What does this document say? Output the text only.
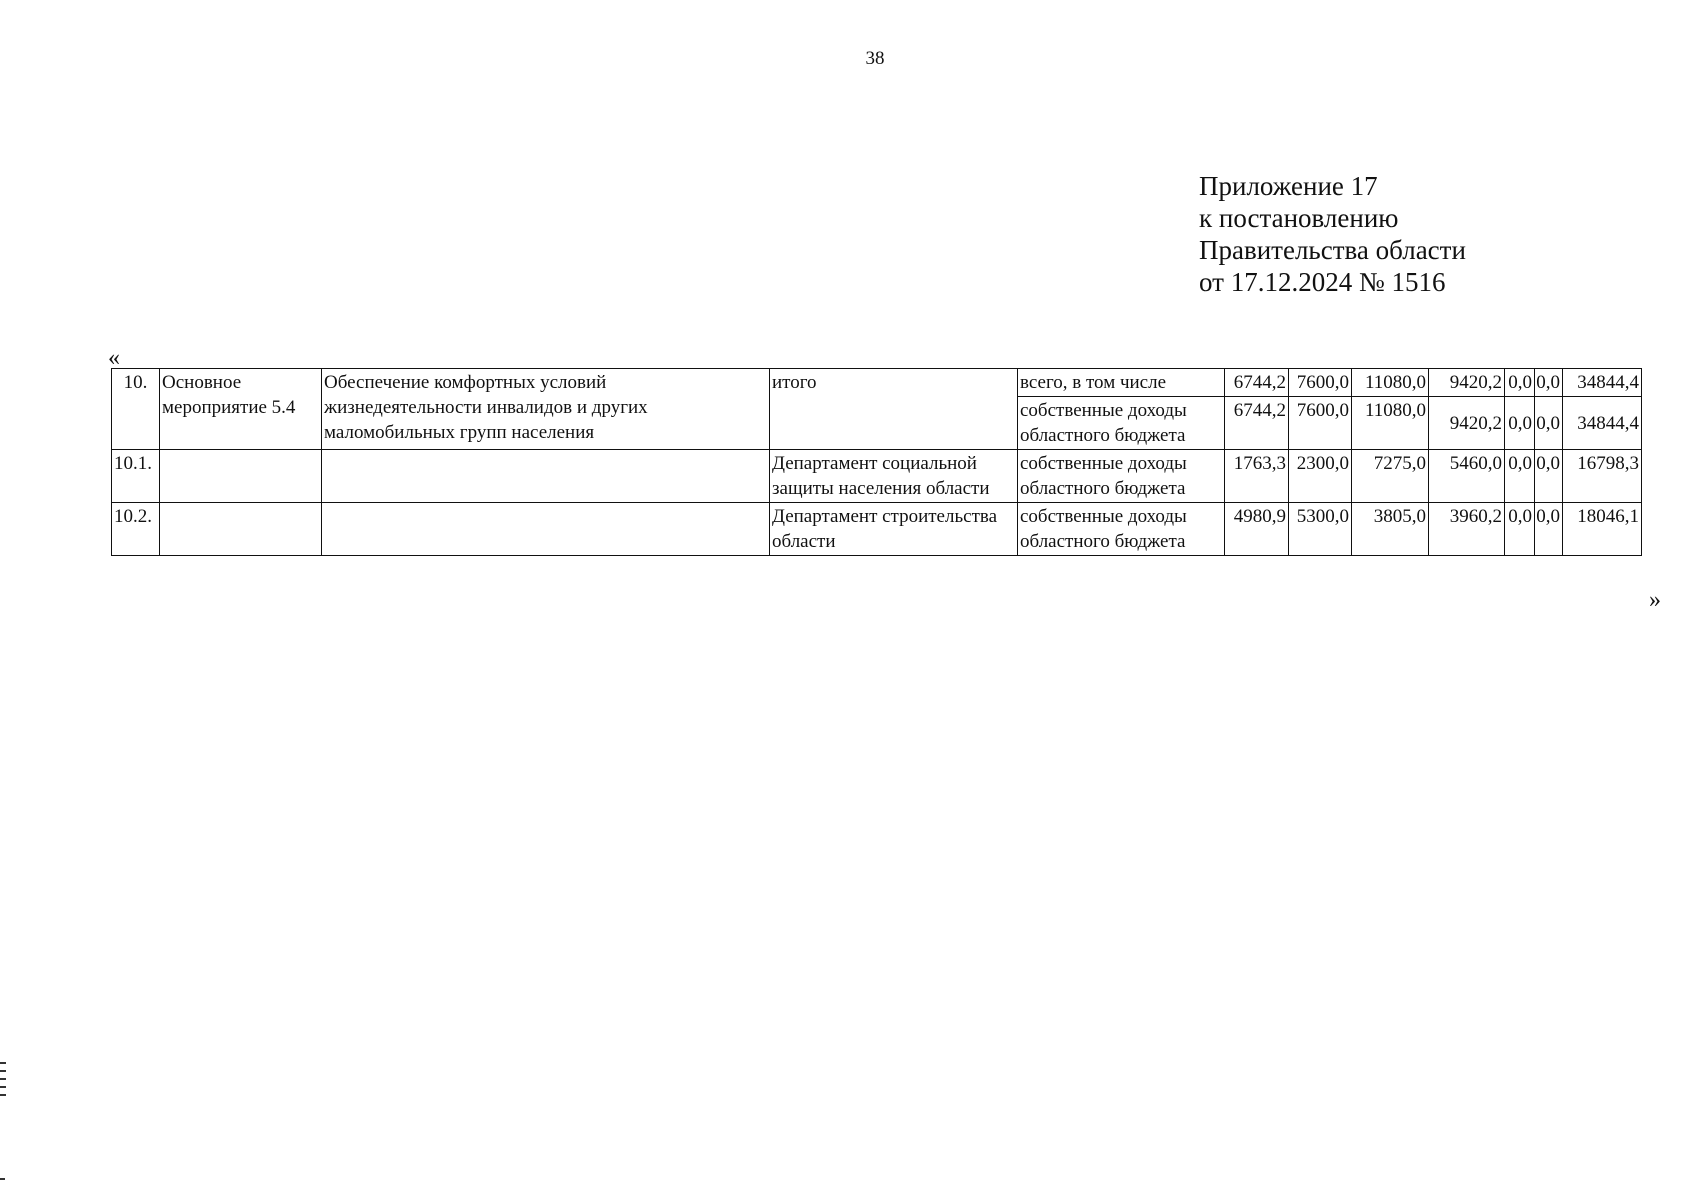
38
Приложение 17
к постановлению
Правительства области
от 17.12.2024 № 1516
«
10.	Основное мероприятие 5.4	Обеспечение комфортных условий жизнедеятельности инвалидов и других маломобильных групп населения	итого	всего, в том числе	6744,2	7600,0	11080,0	9420,2	0,0	0,0	34844,4
				собственные доходы областного бюджета	6744,2	7600,0	11080,0	9420,2	0,0	0,0	34844,4
10.1.			Департамент социальной защиты населения области	собственные доходы областного бюджета	1763,3	2300,0	7275,0	5460,0	0,0	0,0	16798,3
10.2.			Департамент строительства области	собственные доходы областного бюджета	4980,9	5300,0	3805,0	3960,2	0,0	0,0	18046,1
»
